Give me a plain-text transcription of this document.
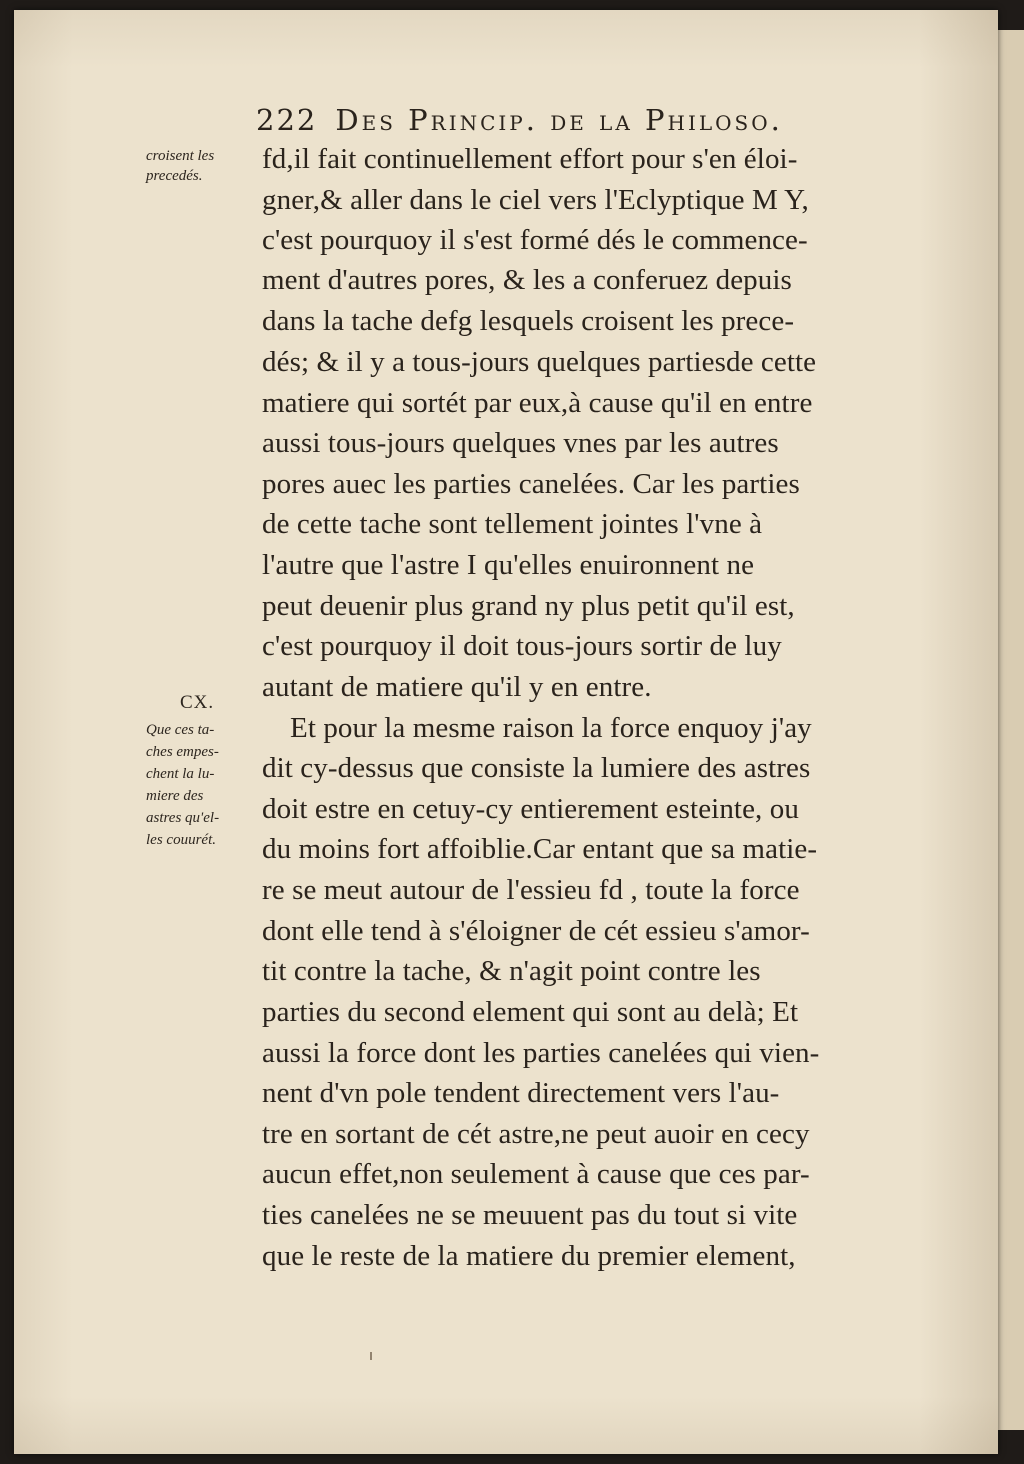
222 Des Princip. de la Philoso.
croisent les
precedés.
CX.
Que ces ta-
ches empes-
chent la lu-
miere des
astres qu'el-
les couurét.
fd,il fait continuellement effort pour s'en éloi-
gner,& aller dans le ciel vers l'Eclyptique M Y,
c'est pourquoy il s'est formé dés le commence-
ment d'autres pores, & les a conferuez depuis
dans la tache defg lesquels croisent les prece-
dés; & il y a tous-jours quelques partiesde cette
matiere qui sortét par eux,à cause qu'il en entre
aussi tous-jours quelques vnes par les autres
pores auec les parties canelées. Car les parties
de cette tache sont tellement jointes l'vne à
l'autre que l'astre I qu'elles enuironnent ne
peut deuenir plus grand ny plus petit qu'il est,
c'est pourquoy il doit tous-jours sortir de luy
autant de matiere qu'il y en entre.
Et pour la mesme raison la force enquoy j'ay
dit cy-dessus que consiste la lumiere des astres
doit estre en cetuy-cy entierement esteinte, ou
du moins fort affoiblie.Car entant que sa matie-
re se meut autour de l'essieu fd , toute la force
dont elle tend à s'éloigner de cét essieu s'amor-
tit contre la tache, & n'agit point contre les
parties du second element qui sont au delà; Et
aussi la force dont les parties canelées qui vien-
nent d'vn pole tendent directement vers l'au-
tre en sortant de cét astre,ne peut auoir en cecy
aucun effet,non seulement à cause que ces par-
ties canelées ne se meuuent pas du tout si vite
que le reste de la matiere du premier element,
